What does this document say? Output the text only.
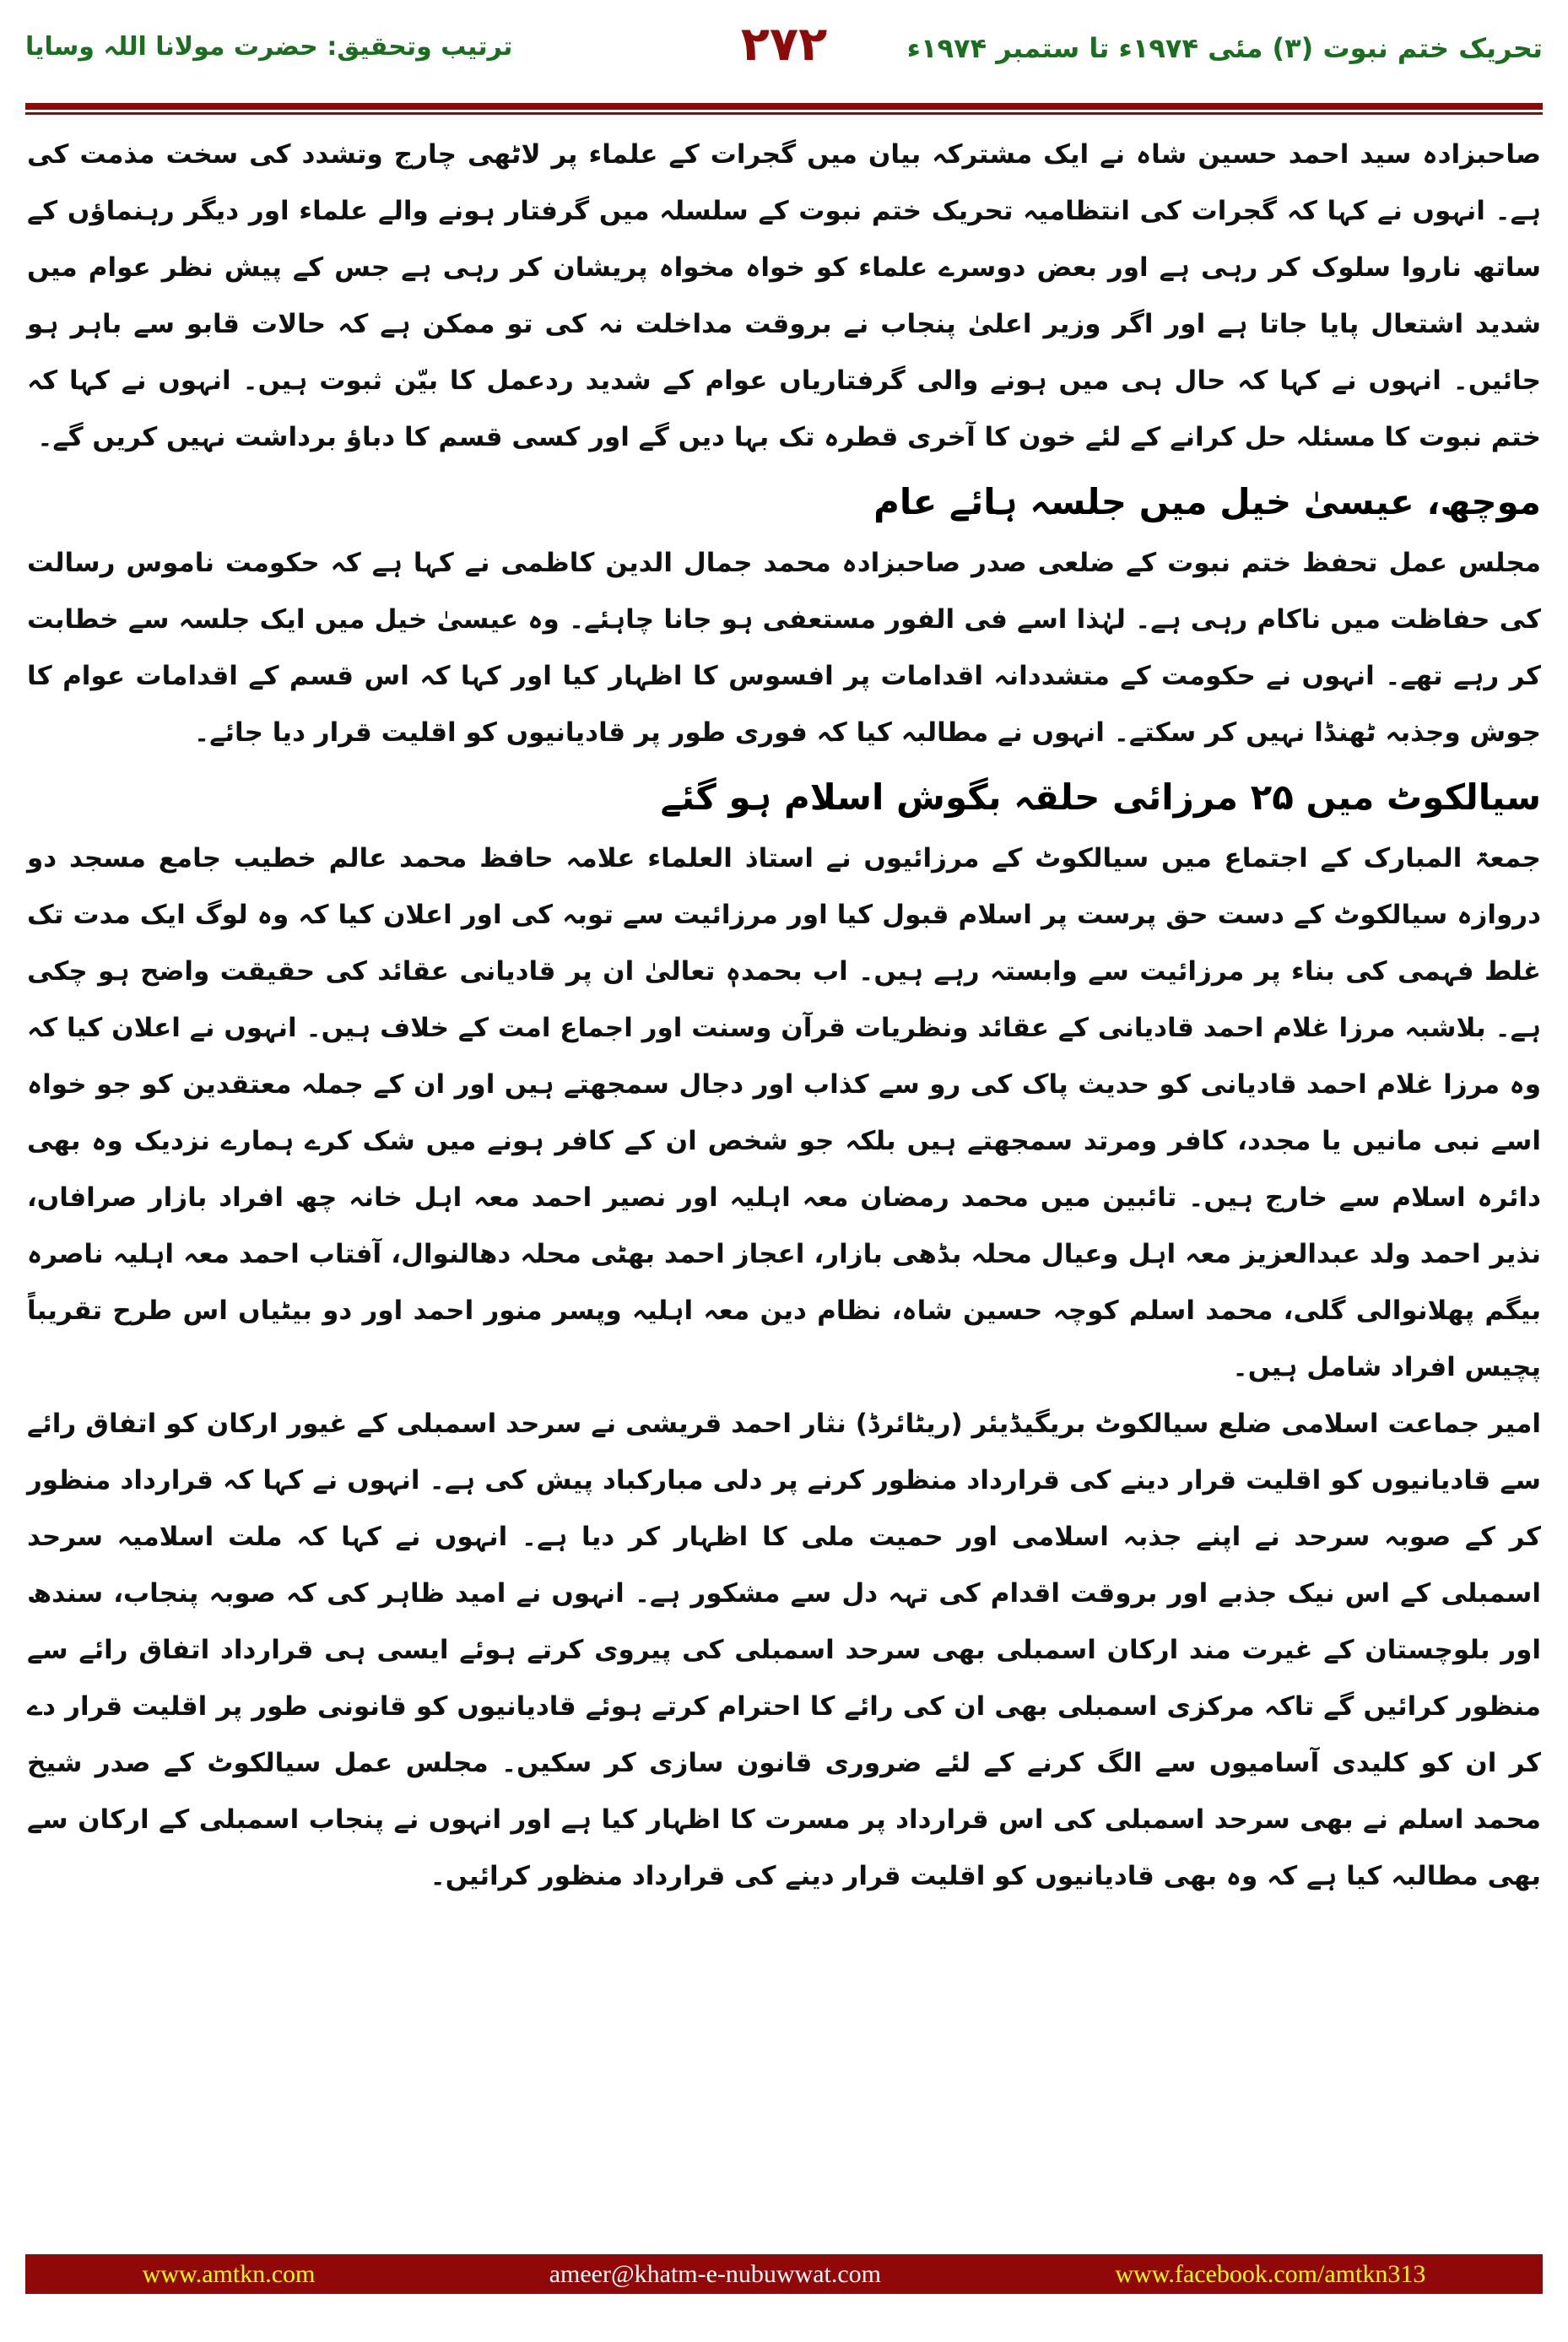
تحریک ختم نبوت (۳) مئی ۱۹۷۴ء تا ستمبر ۱۹۷۴ء
۲۷۲
ترتیب وتحقیق: حضرت مولانا اللہ وسایا

صاحبزادہ سید احمد حسین شاہ نے ایک مشترکہ بیان میں گجرات کے علماء پر لاٹھی چارج وتشدد کی سخت مذمت کی ہے۔ انہوں نے کہا کہ گجرات کی انتظامیہ تحریک ختم نبوت کے سلسلہ میں گرفتار ہونے والے علماء اور دیگر رہنماؤں کے ساتھ ناروا سلوک کر رہی ہے اور بعض دوسرے علماء کو خواہ مخواہ پریشان کر رہی ہے جس کے پیش نظر عوام میں شدید اشتعال پایا جاتا ہے اور اگر وزیر اعلیٰ پنجاب نے بروقت مداخلت نہ کی تو ممکن ہے کہ حالات قابو سے باہر ہو جائیں۔ انہوں نے کہا کہ حال ہی میں ہونے والی گرفتاریاں عوام کے شدید ردعمل کا بیّن ثبوت ہیں۔ انہوں نے کہا کہ ختم نبوت کا مسئلہ حل کرانے کے لئے خون کا آخری قطرہ تک بہا دیں گے اور کسی قسم کا دباؤ برداشت نہیں کریں گے۔

موچھ، عیسیٰ خیل میں جلسہ ہائے عام

مجلس عمل تحفظ ختم نبوت کے ضلعی صدر صاحبزادہ محمد جمال الدین کاظمی نے کہا ہے کہ حکومت ناموس رسالت کی حفاظت میں ناکام رہی ہے۔ لہٰذا اسے فی الفور مستعفی ہو جانا چاہئے۔ وہ عیسیٰ خیل میں ایک جلسہ سے خطابت کر رہے تھے۔ انہوں نے حکومت کے متشددانہ اقدامات پر افسوس کا اظہار کیا اور کہا کہ اس قسم کے اقدامات عوام کا جوش وجذبہ ٹھنڈا نہیں کر سکتے۔ انہوں نے مطالبہ کیا کہ فوری طور پر قادیانیوں کو اقلیت قرار دیا جائے۔

سیالکوٹ میں ۲۵ مرزائی حلقہ بگوش اسلام ہو گئے

جمعۃ المبارک کے اجتماع میں سیالکوٹ کے مرزائیوں نے استاذ العلماء علامہ حافظ محمد عالم خطیب جامع مسجد دو دروازہ سیالکوٹ کے دست حق پرست پر اسلام قبول کیا اور مرزائیت سے توبہ کی اور اعلان کیا کہ وہ لوگ ایک مدت تک غلط فہمی کی بناء پر مرزائیت سے وابستہ رہے ہیں۔ اب بحمدہٖ تعالیٰ ان پر قادیانی عقائد کی حقیقت واضح ہو چکی ہے۔ بلاشبہ مرزا غلام احمد قادیانی کے عقائد ونظریات قرآن وسنت اور اجماع امت کے خلاف ہیں۔ انہوں نے اعلان کیا کہ وہ مرزا غلام احمد قادیانی کو حدیث پاک کی رو سے کذاب اور دجال سمجھتے ہیں اور ان کے جملہ معتقدین کو جو خواہ اسے نبی مانیں یا مجدد، کافر ومرتد سمجھتے ہیں بلکہ جو شخص ان کے کافر ہونے میں شک کرے ہمارے نزدیک وہ بھی دائرہ اسلام سے خارج ہیں۔ تائبین میں محمد رمضان معہ اہلیہ اور نصیر احمد معہ اہل خانہ چھ افراد بازار صرافاں، نذیر احمد ولد عبدالعزیز معہ اہل وعیال محلہ بڈھی بازار، اعجاز احمد بھٹی محلہ دھالنوال، آفتاب احمد معہ اہلیہ ناصرہ بیگم پھلانوالی گلی، محمد اسلم کوچہ حسین شاہ، نظام دین معہ اہلیہ وپسر منور احمد اور دو بیٹیاں اس طرح تقریباً پچیس افراد شامل ہیں۔

امیر جماعت اسلامی ضلع سیالکوٹ بریگیڈیئر (ریٹائرڈ) نثار احمد قریشی نے سرحد اسمبلی کے غیور ارکان کو اتفاق رائے سے قادیانیوں کو اقلیت قرار دینے کی قرارداد منظور کرنے پر دلی مبارکباد پیش کی ہے۔ انہوں نے کہا کہ قرارداد منظور کر کے صوبہ سرحد نے اپنے جذبہ اسلامی اور حمیت ملی کا اظہار کر دیا ہے۔ انہوں نے کہا کہ ملت اسلامیہ سرحد اسمبلی کے اس نیک جذبے اور بروقت اقدام کی تہہ دل سے مشکور ہے۔ انہوں نے امید ظاہر کی کہ صوبہ پنجاب، سندھ اور بلوچستان کے غیرت مند ارکان اسمبلی بھی سرحد اسمبلی کی پیروی کرتے ہوئے ایسی ہی قرارداد اتفاق رائے سے منظور کرائیں گے تاکہ مرکزی اسمبلی بھی ان کی رائے کا احترام کرتے ہوئے قادیانیوں کو قانونی طور پر اقلیت قرار دے کر ان کو کلیدی آسامیوں سے الگ کرنے کے لئے ضروری قانون سازی کر سکیں۔ مجلس عمل سیالکوٹ کے صدر شیخ محمد اسلم نے بھی سرحد اسمبلی کی اس قرارداد پر مسرت کا اظہار کیا ہے اور انہوں نے پنجاب اسمبلی کے ارکان سے بھی مطالبہ کیا ہے کہ وہ بھی قادیانیوں کو اقلیت قرار دینے کی قرارداد منظور کرائیں۔

www.amtkn.com	ameer@khatm-e-nubuwwat.com	www.facebook.com/amtkn313
